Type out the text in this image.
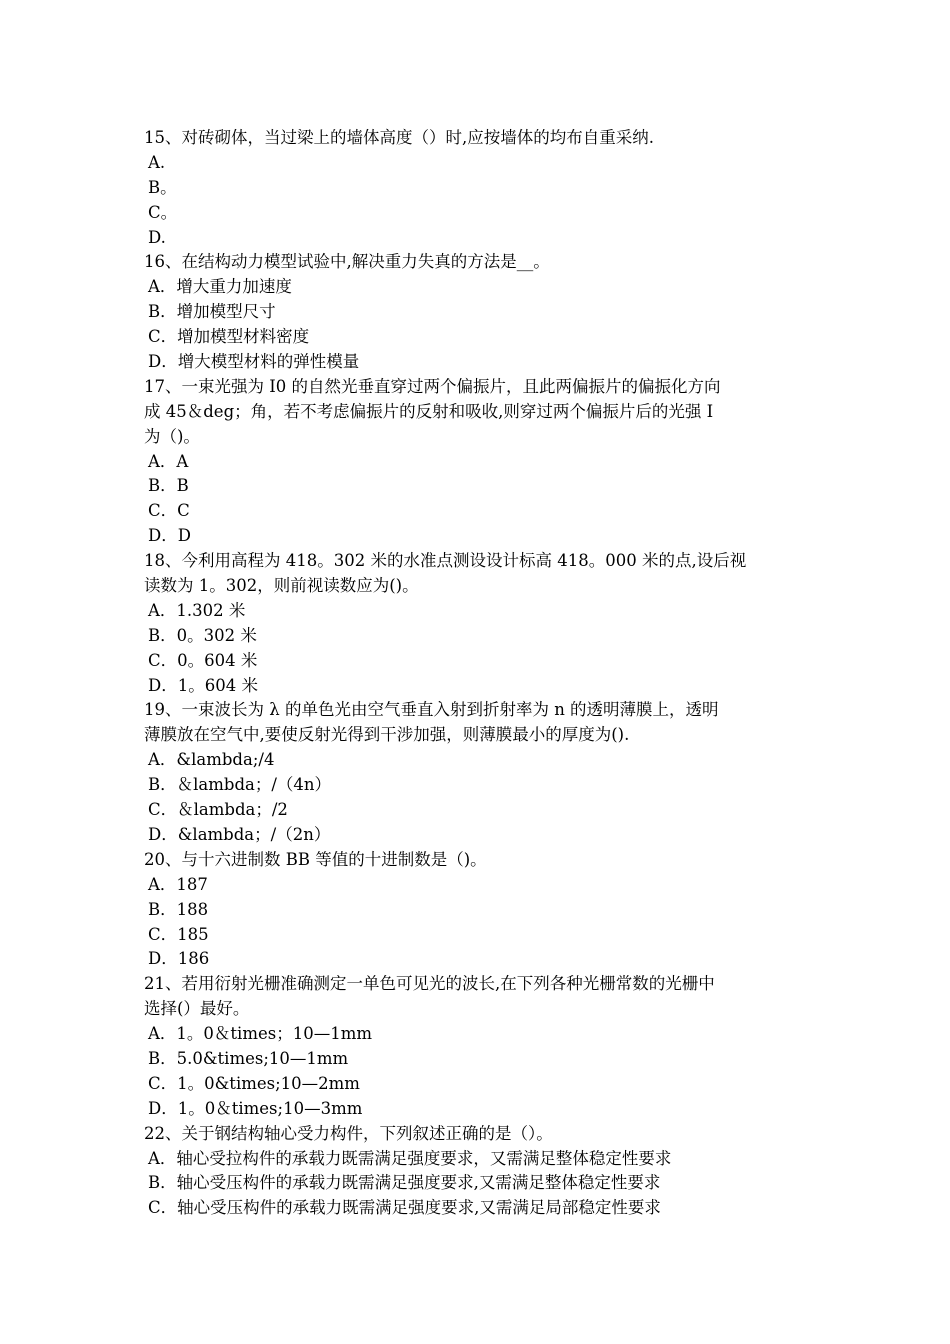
15、对砖砌体，当过梁上的墙体高度（）时,应按墙体的均布自重采纳.
A.
B。
C。
D.
16、在结构动力模型试验中,解决重力失真的方法是__。
A．增大重力加速度
B．增加模型尺寸
C．增加模型材料密度
D．增大模型材料的弹性模量
17、一束光强为 I0 的自然光垂直穿过两个偏振片，且此两偏振片的偏振化方向
成 45＆deg；角，若不考虑偏振片的反射和吸收,则穿过两个偏振片后的光强 I
为（)。
A．A
B．B
C．C
D．D
18、今利用高程为 418。302 米的水准点测设设计标高 418。000 米的点,设后视
读数为 1。302，则前视读数应为()。
A．1.302 米
B．0。302 米
C．0。604 米
D．1。604 米
19、一束波长为 λ 的单色光由空气垂直入射到折射率为 n 的透明薄膜上，透明
薄膜放在空气中,要使反射光得到干涉加强，则薄膜最小的厚度为().
A．&lambda;/4
B．＆lambda；/（4n）
C．＆lambda；/2
D．&lambda；/（2n）
20、与十六进制数 BB 等值的十进制数是（)。
A．187
B．188
C．185
D．186
21、若用衍射光栅准确测定一单色可见光的波长,在下列各种光栅常数的光栅中
选择(）最好。
A．1。0＆times；10—1mm
B．5.0&times;10—1mm
C．1。0&times;10—2mm
D．1。0＆times;10—3mm
22、关于钢结构轴心受力构件，下列叙述正确的是（）。
A．轴心受拉构件的承载力既需满足强度要求，又需满足整体稳定性要求
B．轴心受压构件的承载力既需满足强度要求,又需满足整体稳定性要求
C．轴心受压构件的承载力既需满足强度要求,又需满足局部稳定性要求
